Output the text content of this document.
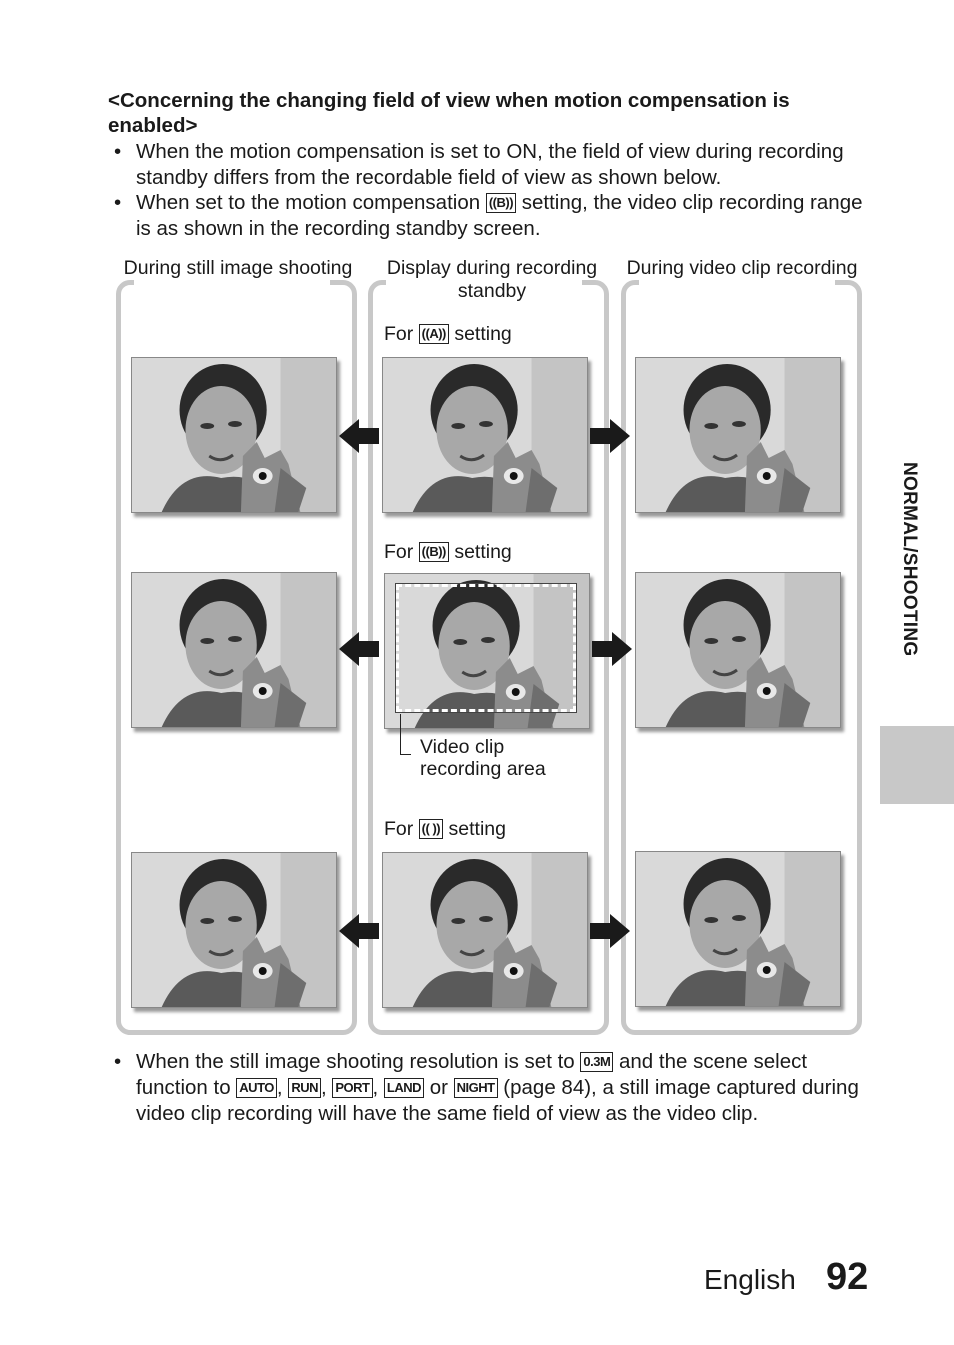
<Concerning the changing field of view when motion compensation is enabled>
• When the motion compensation is set to ON, the field of view during recording standby differs from the recordable field of view as shown below.
• When set to the motion compensation ((B)) setting, the video clip recording range is as shown in the recording standby screen.
During still image shooting	Display during recording standby
During video clip recording
For ((A)) setting
For ((B)) setting
For (( )) setting
Video clip recording area
• When the still image shooting resolution is set to 0.3M and the scene select function to AUTO , RUN , PORT , LAND or NIGHT (page 84), a still image captured during video clip recording will have the same field of view as the video clip.
NORMAL/SHOOTING
English 92
